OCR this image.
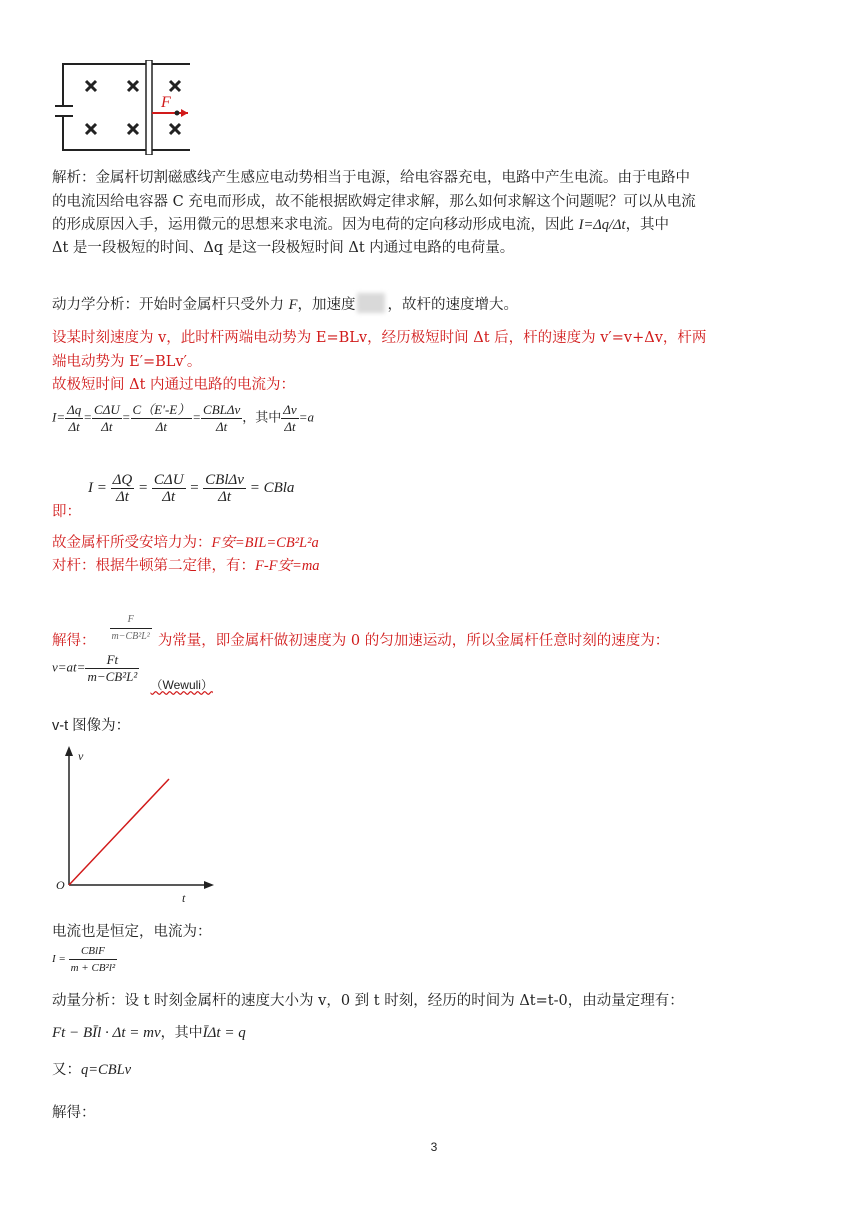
F
解析：金属杆切割磁感线产生感应电动势相当于电源，给电容器充电，电路中产生电流。由于电路中
的电流因给电容器 C 充电而形成，故不能根据欧姆定律求解，那么如何求解这个问题呢？可以从电流
的形成原因入手，运用微元的思想来求电流。因为电荷的定向移动形成电流，因此 I=Δq/Δt，其中
Δt 是一段极短的时间、Δq 是这一段极短时间 Δt 内通过电路的电荷量。
动力学分析：开始时金属杆只受外力 F，加速度 ，故杆的速度增大。
设某时刻速度为 v，此时杆两端电动势为 E=BLv，经历极短时间 Δt 后，杆的速度为 v′=v+Δv，杆两
端电动势为 E′=BLv′。
故极短时间 Δt 内通过电路的电流为：
$I= \frac{\Delta q}{\Delta t} = \frac{\text{CΔU}}{\Delta t} = \frac{C(E'-E)}{\Delta t} = \frac{\text{CBLΔv}}{\Delta t}$ ，其中 $\frac{\Delta v}{\Delta t} =a$
即：
$I = \frac{\Delta Q}{\Delta t} = \frac{\text{CΔU}}{\Delta t} = \frac{\text{CBlΔv}}{\Delta t}$ = CBla
故金属杆所受安培力为：F安=BIL=CB²L²a
对杆：根据牛顿第二定律，有：F-F安=ma
解得： $\frac{F}{\text{m−CB²L²}}$ 为常量，即金属杆做初速度为 0 的匀加速运动，所以金属杆任意时刻的速度为：
$v=at= \frac{Ft}{\text{m−CB²L²}}$
（Wewuli）
v-t 图像为：
v
t
O
电流也是恒定，电流为：
$I = \frac{\text{CBlF}}{\text{m + CB²l²}}$
动量分析：设 t 时刻金属杆的速度大小为 v，0 到 t 时刻，经历的时间为 Δt=t-0，由动量定理有：
Ft − BĪl · Δt = mv，其中ĪΔt = q
又：q=CBLv
解得：
3
